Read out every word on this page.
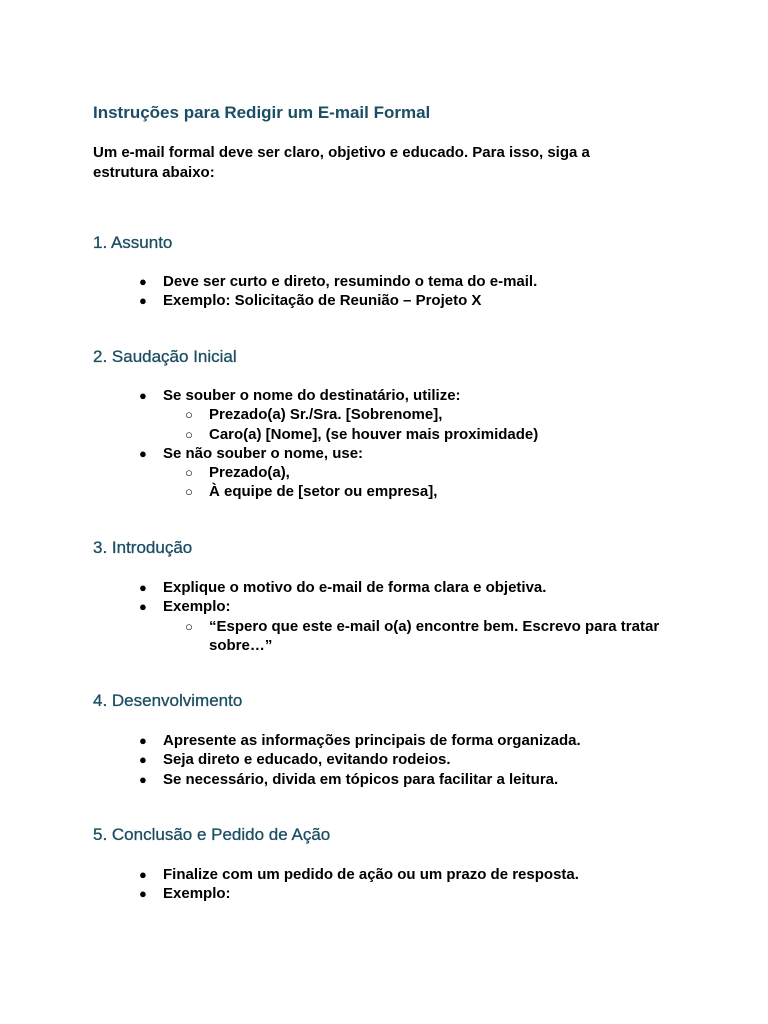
Instruções para Redigir um E-mail Formal

Um e-mail formal deve ser claro, objetivo e educado. Para isso, siga a estrutura abaixo:

1. Assunto
● Deve ser curto e direto, resumindo o tema do e-mail.
● Exemplo: Solicitação de Reunião – Projeto X
2. Saudação Inicial
● Se souber o nome do destinatário, utilize:
○ Prezado(a) Sr./Sra. [Sobrenome],
○ Caro(a) [Nome], (se houver mais proximidade)
● Se não souber o nome, use:
○ Prezado(a),
○ À equipe de [setor ou empresa],
3. Introdução
● Explique o motivo do e-mail de forma clara e objetiva.
● Exemplo:
○ “Espero que este e-mail o(a) encontre bem. Escrevo para tratar sobre…”
4. Desenvolvimento
● Apresente as informações principais de forma organizada.
● Seja direto e educado, evitando rodeios.
● Se necessário, divida em tópicos para facilitar a leitura.
5. Conclusão e Pedido de Ação
● Finalize com um pedido de ação ou um prazo de resposta.
● Exemplo:
